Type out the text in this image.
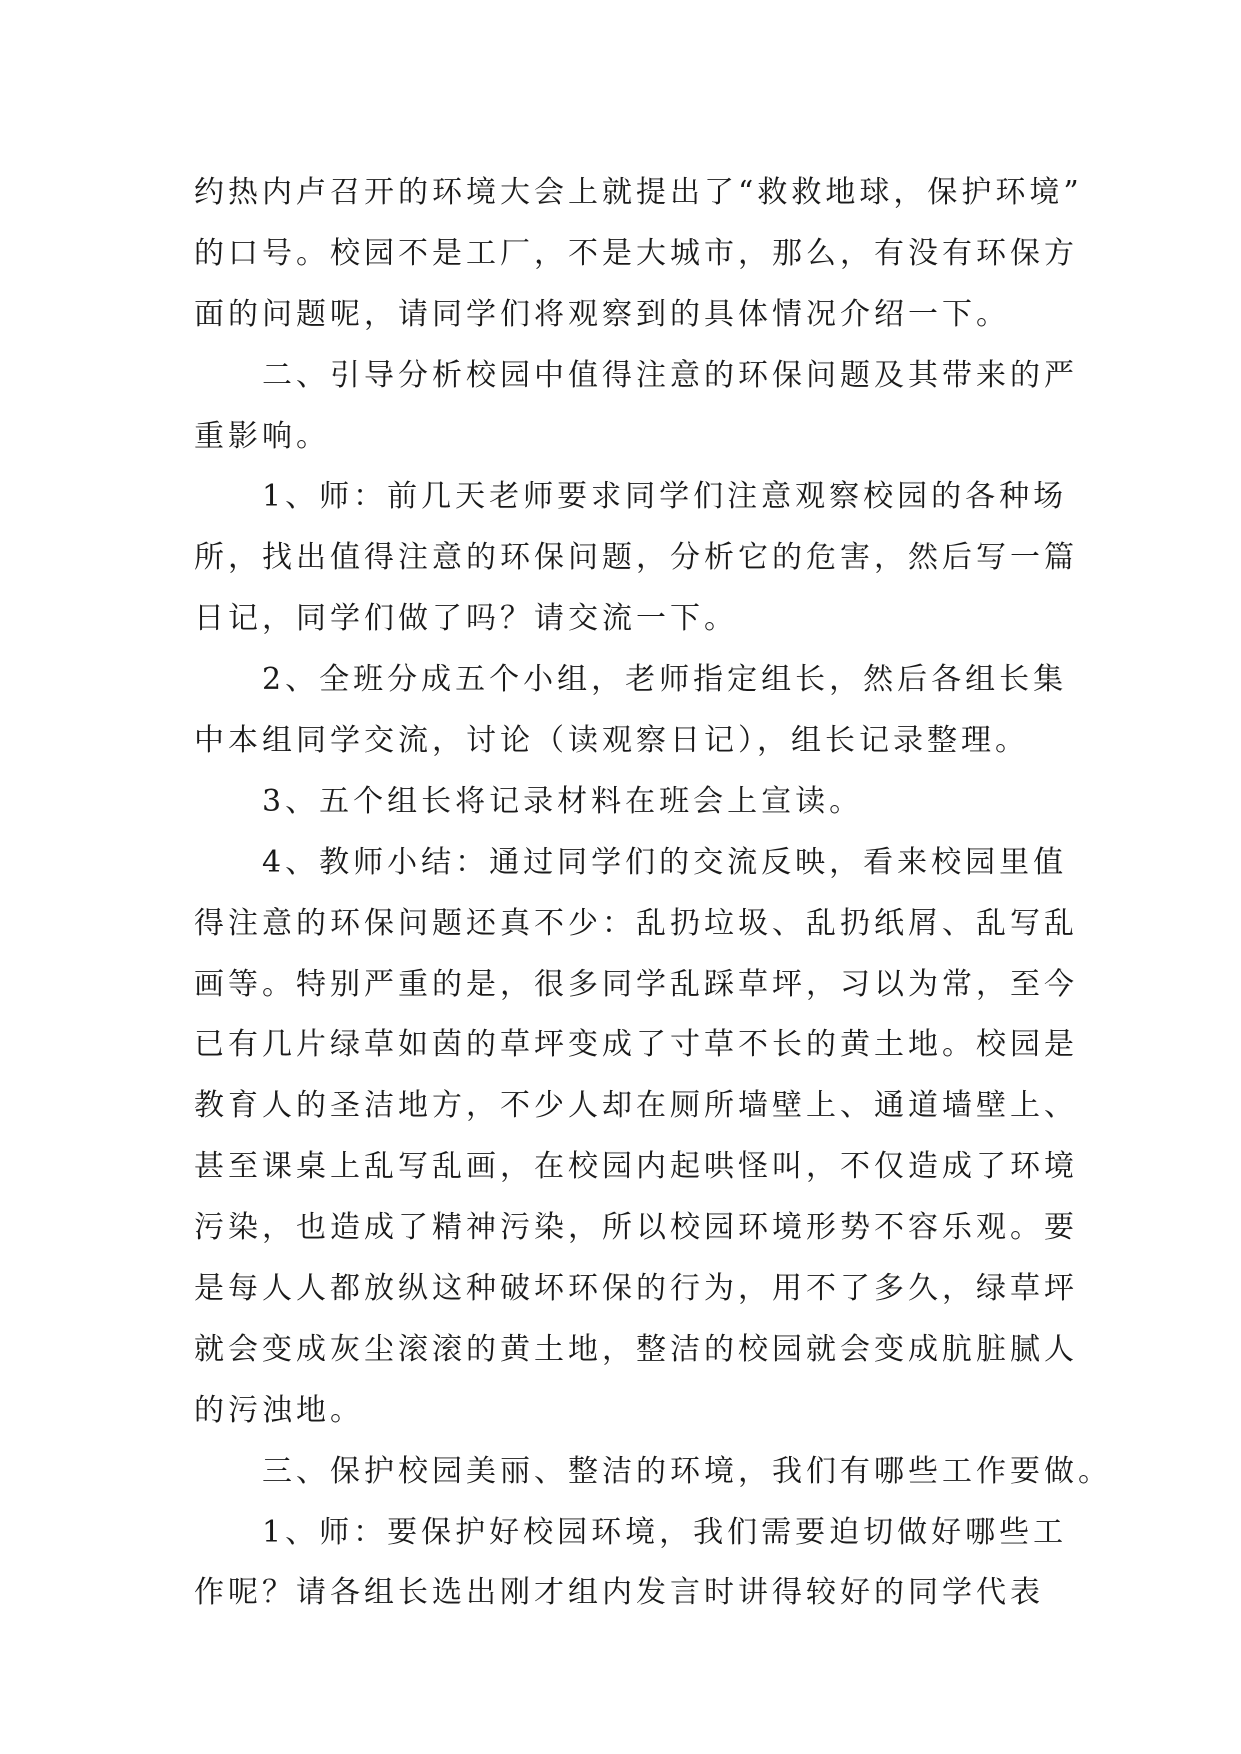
约热内卢召开的环境大会上就提出了“救救地球，保护环境”
的口号。校园不是工厂，不是大城市，那么，有没有环保方
面的问题呢，请同学们将观察到的具体情况介绍一下。
二、引导分析校园中值得注意的环保问题及其带来的严
重影响。
1、师：前几天老师要求同学们注意观察校园的各种场
所，找出值得注意的环保问题，分析它的危害，然后写一篇
日记，同学们做了吗？请交流一下。
2、全班分成五个小组，老师指定组长，然后各组长集
中本组同学交流，讨论（读观察日记），组长记录整理。
3、五个组长将记录材料在班会上宣读。
4、教师小结：通过同学们的交流反映，看来校园里值
得注意的环保问题还真不少：乱扔垃圾、乱扔纸屑、乱写乱
画等。特别严重的是，很多同学乱踩草坪，习以为常，至今
已有几片绿草如茵的草坪变成了寸草不长的黄土地。校园是
教育人的圣洁地方，不少人却在厕所墙壁上、通道墙壁上、
甚至课桌上乱写乱画，在校园内起哄怪叫，不仅造成了环境
污染，也造成了精神污染，所以校园环境形势不容乐观。要
是每人人都放纵这种破坏环保的行为，用不了多久，绿草坪
就会变成灰尘滚滚的黄土地，整洁的校园就会变成肮脏腻人
的污浊地。
三、保护校园美丽、整洁的环境，我们有哪些工作要做。
1、师：要保护好校园环境，我们需要迫切做好哪些工
作呢？请各组长选出刚才组内发言时讲得较好的同学代表
